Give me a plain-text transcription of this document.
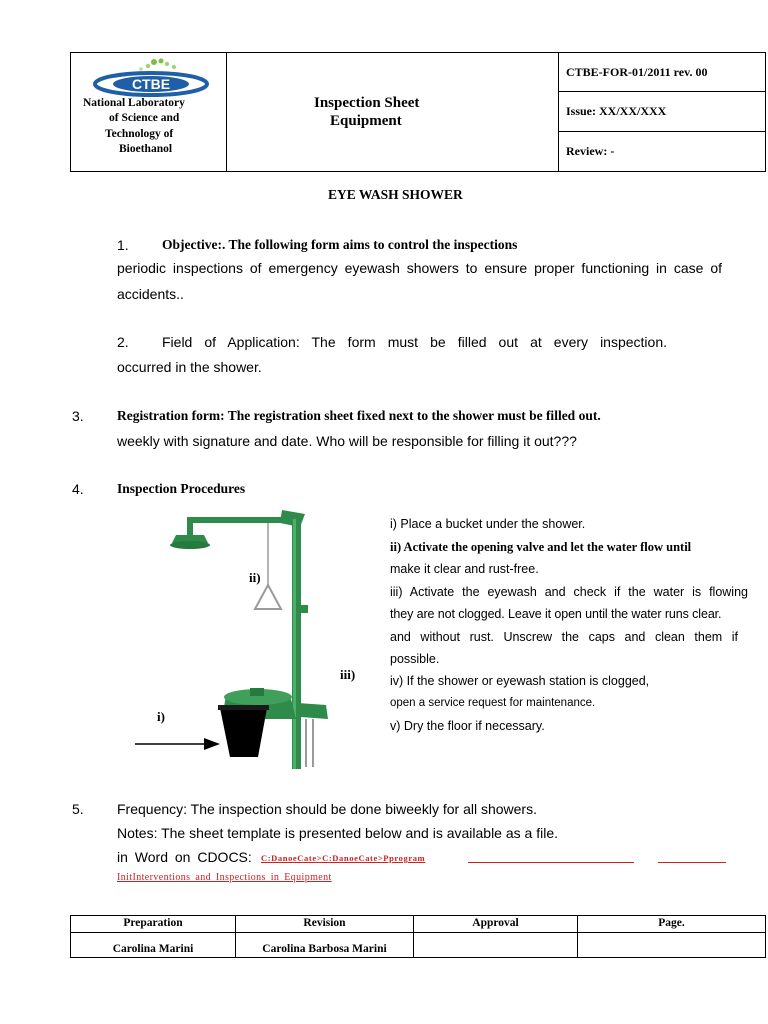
CTBE
National Laboratory
of Science and
Technology of
Bioethanol
Inspection Sheet
Equipment
CTBE-FOR-01/2011 rev. 00
Issue: XX/XX/XXX
Review: -
EYE WASH SHOWER
1. Objective:. The following form aims to control the inspections
periodic inspections of emergency eyewash showers to ensure proper functioning in case of
accidents..
2. Field of Application: The form must be filled out at every inspection.
occurred in the shower.
3. Registration form: The registration sheet fixed next to the shower must be filled out.
weekly with signature and date. Who will be responsible for filling it out???
4. Inspection Procedures
ii)
iii)
i)
i) Place a bucket under the shower.
ii) Activate the opening valve and let the water flow until
make it clear and rust-free.
iii) Activate the eyewash and check if the water is flowing
they are not clogged. Leave it open until the water runs clear.
and without rust. Unscrew the caps and clean them if
possible.
iv) If the shower or eyewash station is clogged,
open a service request for maintenance.
v) Dry the floor if necessary.
5. Frequency: The inspection should be done biweekly for all showers.
Notes: The sheet template is presented below and is available as a file.
in Word on CDOCS: C:DanoeCate>C:DanoeCate>Pprogram
InitInterventions and Inspections in Equipment
Preparation
Carolina Marini
Revision
Carolina Barbosa Marini
Approval	Page.
